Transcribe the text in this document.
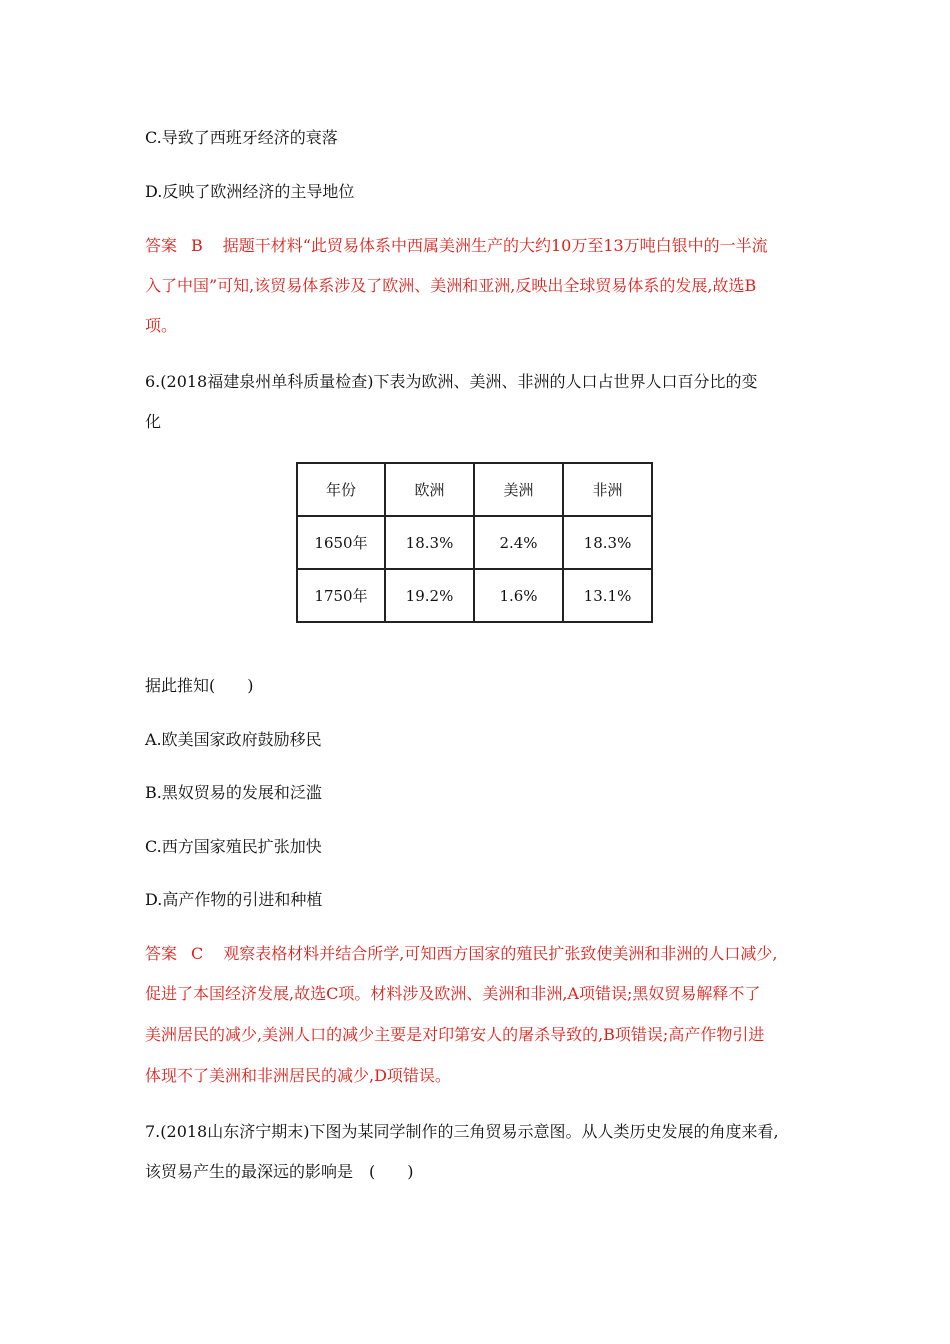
C.导致了西班牙经济的衰落
D.反映了欧洲经济的主导地位
答案 B 据题干材料“此贸易体系中西属美洲生产的大约10万至13万吨白银中的一半流
入了中国”可知,该贸易体系涉及了欧洲、美洲和亚洲,反映出全球贸易体系的发展,故选B
项。
6.(2018福建泉州单科质量检查)下表为欧洲、美洲、非洲的人口占世界人口百分比的变
化
年份	欧洲	美洲	非洲
1650年	18.3%	2.4%	18.3%
1750年	19.2%	1.6%	13.1%
据此推知(　　)
A.欧美国家政府鼓励移民
B.黑奴贸易的发展和泛滥
C.西方国家殖民扩张加快
D.高产作物的引进和种植
答案 C 观察表格材料并结合所学,可知西方国家的殖民扩张致使美洲和非洲的人口减少,
促进了本国经济发展,故选C项。材料涉及欧洲、美洲和非洲,A项错误;黑奴贸易解释不了
美洲居民的减少,美洲人口的减少主要是对印第安人的屠杀导致的,B项错误;高产作物引进
体现不了美洲和非洲居民的减少,D项错误。
7.(2018山东济宁期末)下图为某同学制作的三角贸易示意图。从人类历史发展的角度来看,
该贸易产生的最深远的影响是　(　　)
